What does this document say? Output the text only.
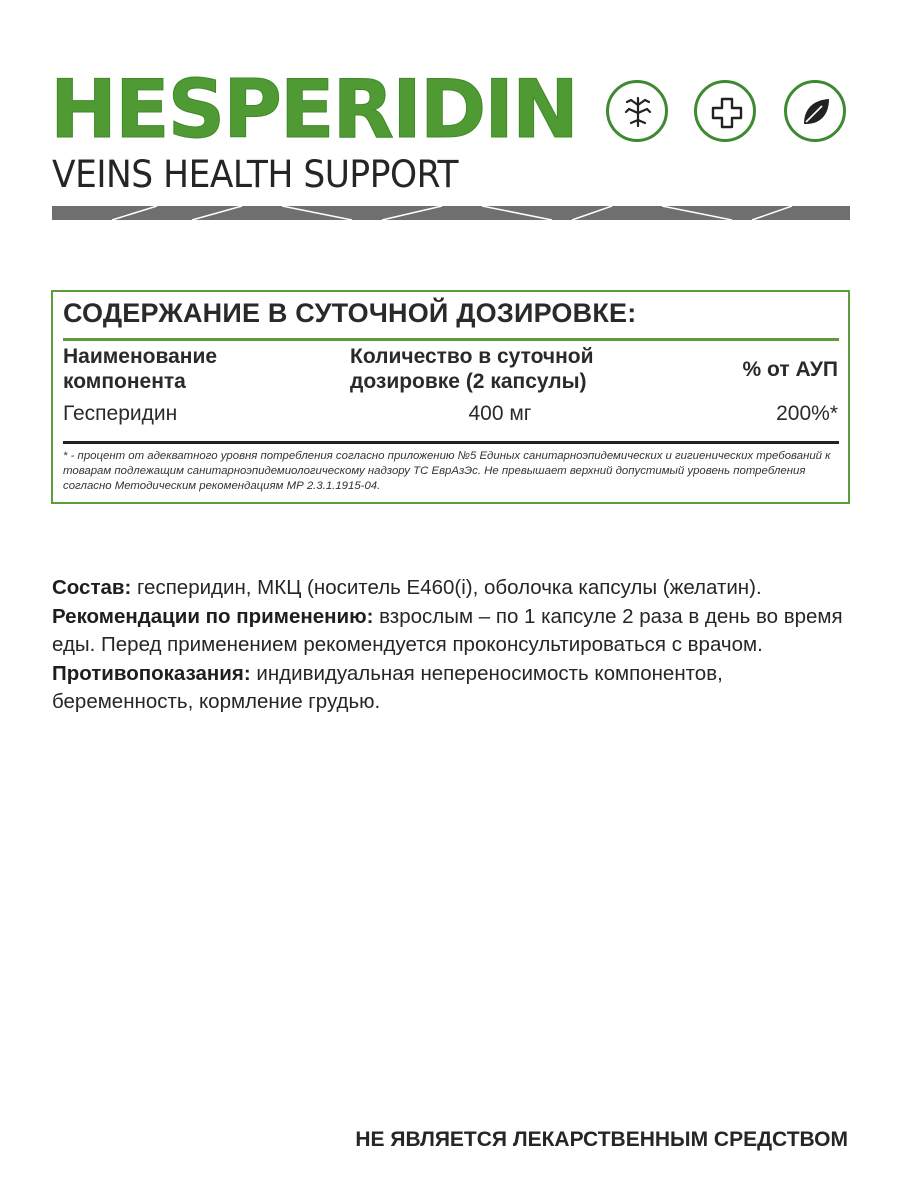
HESPERIDIN
VEINS HEALTH SUPPORT
СОДЕРЖАНИЕ В СУТОЧНОЙ ДОЗИРОВКЕ:
Наименование
компонента
Количество в суточной
дозировке (2 капсулы)
% от АУП
Гесперидин	400 мг	200%*
* - процент от адекватного уровня потребления согласно приложению №5 Единых санитарноэпидемических и гигиенических требований к товарам подлежащим санитарноэпидемиологическому надзору ТС ЕврАзЭс. Не превышает верхний допустимый уровень потребления согласно Методическим рекомендациям МР 2.3.1.1915-04.

Состав: гесперидин, МКЦ (носитель Е460(i), оболочка капсулы (желатин).

Рекомендации по применению: взрослым – по 1 капсуле 2 раза в день во время еды. Перед применением рекомендуется проконсультироваться с врачом.

Противопоказания: индивидуальная непереносимость компонентов, беременность, кормление грудью.

НЕ ЯВЛЯЕТСЯ ЛЕКАРСТВЕННЫМ СРЕДСТВОМ
